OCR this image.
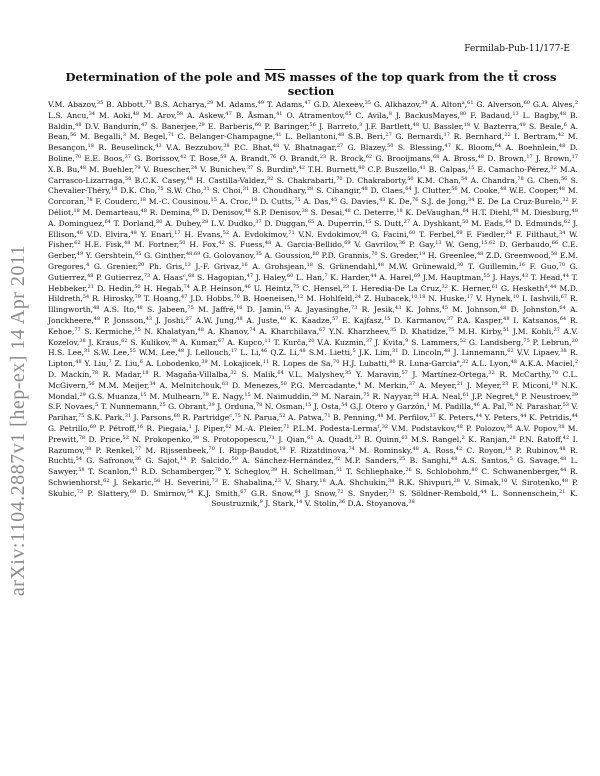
arXiv:1104.2887v1 [hep-ex] 14 Apr 2011
Fermilab-Pub-11/177-E
Determination of the pole and $\overline{MS}$ masses of the top quark from the tt̄ cross section
V.M. Abazov,$^{35}$ B. Abbott,$^{73}$ B.S. Acharya,$^{29}$ M. Adams,$^{49}$ T. Adams,$^{47}$ G.D. Alexeev,$^{35}$ G. Alkhazov,$^{39}$ A. Alton$^a$,$^{61}$ G. Alverson,$^{60}$ G.A. Alves,$^2$ L.S. Ancu,$^{34}$ M. Aoki,$^{48}$ M. Arov,$^{58}$ A. Askew,$^{47}$ B. Åsman,$^{41}$ O. Atramentov,$^{65}$ C. Avila,$^8$ J. BackusMayes,$^{80}$ F. Badaud,$^{13}$ L. Bagby,$^{48}$ B. Baldin,$^{48}$ D.V. Bandurin,$^{47}$ S. Banerjee,$^{29}$ E. Barberis,$^{60}$ P. Baringer,$^{56}$ J. Barreto,$^3$ J.F. Bartlett,$^{48}$ U. Bassler,$^{18}$ V. Bazterra,$^{49}$ S. Beale,$^6$ A. Bean,$^{56}$ M. Begalli,$^3$ M. Begel,$^{71}$ C. Belanger-Champagne,$^{41}$ L. Bellantoni,$^{48}$ S.B. Beri,$^{27}$ G. Bernardi,$^{17}$ R. Bernhard,$^{22}$ I. Bertram,$^{42}$ M. Besançon,$^{18}$ R. Beuselinck,$^{43}$ V.A. Bezzubov,$^{38}$ P.C. Bhat,$^{48}$ V. Bhatnagar,$^{27}$ G. Blazey,$^{50}$ S. Blessing,$^{47}$ K. Bloom,$^{64}$ A. Boehnlein,$^{48}$ D. Boline,$^{70}$ E.E. Boos,$^{37}$ G. Borissov,$^{42}$ T. Bose,$^{59}$ A. Brandt,$^{76}$ O. Brandt,$^{23}$ R. Brock,$^{62}$ G. Brooijmans,$^{68}$ A. Bross,$^{48}$ D. Brown,$^{17}$ J. Brown,$^{17}$ X.B. Bu,$^{48}$ M. Buehler,$^{79}$ V. Buescher,$^{24}$ V. Bunichev,$^{37}$ S. Burdin$^b$,$^{42}$ T.H. Burnett,$^{80}$ C.P. Buszello,$^{41}$ B. Calpas,$^{15}$ E. Camacho-Pérez,$^{32}$ M.A. Carrasco-Lizarraga,$^{56}$ B.C.K. Casey,$^{48}$ H. Castilla-Valdez,$^{32}$ S. Chakrabarti,$^{70}$ D. Chakraborty,$^{50}$ K.M. Chan,$^{54}$ A. Chandra,$^{78}$ G. Chen,$^{56}$ S. Chevalier-Théry,$^{18}$ D.K. Cho,$^{75}$ S.W. Cho,$^{31}$ S. Choi,$^{31}$ B. Choudhary,$^{28}$ S. Cihangir,$^{48}$ D. Claes,$^{64}$ J. Clutter,$^{56}$ M. Cooke,$^{48}$ W.E. Cooper,$^{48}$ M. Corcoran,$^{78}$ F. Couderc,$^{18}$ M.-C. Cousinou,$^{15}$ A. Croc,$^{18}$ D. Cutts,$^{75}$ A. Das,$^{45}$ G. Davies,$^{43}$ K. De,$^{76}$ S.J. de Jong,$^{34}$ E. De La Cruz-Burelo,$^{32}$ F. Déliot,$^{18}$ M. Demarteau,$^{48}$ R. Demina,$^{69}$ D. Denisov,$^{48}$ S.P. Denisov,$^{38}$ S. Desai,$^{48}$ C. Deterre,$^{18}$ K. DeVaughan,$^{64}$ H.T. Diehl,$^{48}$ M. Diesburg,$^{48}$ A. Dominguez,$^{64}$ T. Dorland,$^{80}$ A. Dubey,$^{28}$ L.V. Dudko,$^{37}$ D. Duggan,$^{65}$ A. Duperrin,$^{15}$ S. Dutt,$^{27}$ A. Dyshkant,$^{50}$ M. Eads,$^{64}$ D. Edmunds,$^{62}$ J. Ellison,$^{46}$ V.D. Elvira,$^{48}$ Y. Enari,$^{17}$ H. Evans,$^{52}$ A. Evdokimov,$^{71}$ V.N. Evdokimov,$^{38}$ G. Facini,$^{60}$ T. Ferbel,$^{69}$ F. Fiedler,$^{24}$ F. Filthaut,$^{34}$ W. Fisher,$^{62}$ H.E. Fisk,$^{48}$ M. Fortner,$^{50}$ H. Fox,$^{42}$ S. Fuess,$^{48}$ A. Garcia-Bellido,$^{69}$ V. Gavrilov,$^{36}$ P. Gay,$^{13}$ W. Geng,$^{15,62}$ D. Gerbaudo,$^{66}$ C.E. Gerber,$^{49}$ Y. Gershtein,$^{65}$ G. Ginther,$^{48,69}$ G. Golovanov,$^{35}$ A. Goussiou,$^{80}$ P.D. Grannis,$^{70}$ S. Greder,$^{19}$ H. Greenlee,$^{48}$ Z.D. Greenwood,$^{58}$ E.M. Gregores,$^4$ G. Grenier,$^{20}$ Ph. Gris,$^{13}$ J.-F. Grivaz,$^{16}$ A. Grohsjean,$^{18}$ S. Grünendahl,$^{48}$ M.W. Grünewald,$^{30}$ T. Guillemin,$^{16}$ F. Guo,$^{70}$ G. Gutierrez,$^{48}$ P. Gutierrez,$^{73}$ A. Haas$^c$,$^{68}$ S. Hagopian,$^{47}$ J. Haley,$^{60}$ L. Han,$^7$ K. Harder,$^{44}$ A. Harel,$^{69}$ J.M. Hauptman,$^{55}$ J. Hays,$^{43}$ T. Head,$^{44}$ T. Hebbeker,$^{21}$ D. Hedin,$^{50}$ H. Hegab,$^{74}$ A.P. Heinson,$^{46}$ U. Heintz,$^{75}$ C. Hensel,$^{23}$ I. Heredia-De La Cruz,$^{32}$ K. Herner,$^{61}$ G. Hesketh$^d$,$^{44}$ M.D. Hildreth,$^{54}$ R. Hirosky,$^{79}$ T. Hoang,$^{47}$ J.D. Hobbs,$^{70}$ B. Hoeneisen,$^{12}$ M. Hohlfeld,$^{24}$ Z. Hubacek,$^{10,18}$ N. Huske,$^{17}$ V. Hynek,$^{10}$ I. Iashvili,$^{67}$ R. Illingworth,$^{48}$ A.S. Ito,$^{48}$ S. Jabeen,$^{75}$ M. Jaffré,$^{16}$ D. Jamin,$^{15}$ A. Jayasinghe,$^{73}$ R. Jesik,$^{43}$ K. Johns,$^{45}$ M. Johnson,$^{48}$ D. Johnston,$^{64}$ A. Jonckheere,$^{48}$ P. Jonsson,$^{43}$ J. Joshi,$^{27}$ A.W. Jung,$^{48}$ A. Juste,$^{40}$ K. Kaadze,$^{57}$ E. Kajfasz,$^{15}$ D. Karmanov,$^{37}$ P.A. Kasper,$^{48}$ I. Katsanos,$^{64}$ R. Kehoe,$^{77}$ S. Kermiche,$^{15}$ N. Khalatyan,$^{48}$ A. Khanov,$^{74}$ A. Kharchilava,$^{67}$ Y.N. Kharzheev,$^{35}$ D. Khatidze,$^{75}$ M.H. Kirby,$^{51}$ J.M. Kohli,$^{27}$ A.V. Kozelov,$^{38}$ J. Kraus,$^{62}$ S. Kulikov,$^{38}$ A. Kumar,$^{67}$ A. Kupco,$^{11}$ T. Kurča,$^{20}$ V.A. Kuzmin,$^{37}$ J. Kvita,$^9$ S. Lammers,$^{52}$ G. Landsberg,$^{75}$ P. Lebrun,$^{20}$ H.S. Lee,$^{31}$ S.W. Lee,$^{55}$ W.M. Lee,$^{48}$ J. Lellouch,$^{17}$ L. Li,$^{46}$ Q.Z. Li,$^{48}$ S.M. Lietti,$^5$ J.K. Lim,$^{31}$ D. Lincoln,$^{48}$ J. Linnemann,$^{62}$ V.V. Lipaev,$^{38}$ R. Lipton,$^{48}$ Y. Liu,$^7$ Z. Liu,$^6$ A. Lobodenko,$^{39}$ M. Lokajicek,$^{11}$ R. Lopes de Sa,$^{70}$ H.J. Lubatti,$^{80}$ R. Luna-Garcia$^e$,$^{32}$ A.L. Lyon,$^{48}$ A.K.A. Maciel,$^2$ D. Mackin,$^{78}$ R. Madar,$^{18}$ R. Magaña-Villalba,$^{32}$ S. Malik,$^{64}$ V.L. Malyshev,$^{35}$ Y. Maravin,$^{57}$ J. Martínez-Ortega,$^{32}$ R. McCarthy,$^{70}$ C.L. McGivern,$^{56}$ M.M. Meijer,$^{34}$ A. Melnitchouk,$^{63}$ D. Menezes,$^{50}$ P.G. Mercadante,$^4$ M. Merkin,$^{37}$ A. Meyer,$^{21}$ J. Meyer,$^{23}$ F. Miconi,$^{19}$ N.K. Mondal,$^{29}$ G.S. Muanza,$^{15}$ M. Mulhearn,$^{79}$ E. Nagy,$^{15}$ M. Naimuddin,$^{28}$ M. Narain,$^{75}$ R. Nayyar,$^{28}$ H.A. Neal,$^{61}$ J.P. Negret,$^8$ P. Neustroev,$^{39}$ S.F. Novaes,$^5$ T. Nunnemann,$^{25}$ G. Obrant,$^{39}$ J. Orduna,$^{78}$ N. Osman,$^{15}$ J. Osta,$^{54}$ G.J. Otero y Garzón,$^1$ M. Padilla,$^{46}$ A. Pal,$^{76}$ N. Parashar,$^{53}$ V. Parihar,$^{75}$ S.K. Park,$^{31}$ J. Parsons,$^{68}$ R. Partridge$^c$,$^{75}$ N. Parua,$^{52}$ A. Patwa,$^{71}$ B. Penning,$^{48}$ M. Perfilov,$^{37}$ K. Peters,$^{44}$ Y. Peters,$^{44}$ K. Petridis,$^{44}$ G. Petrillo,$^{69}$ P. Pétroff,$^{16}$ R. Piegaia,$^1$ J. Piper,$^{62}$ M.-A. Pleier,$^{71}$ P.L.M. Podesta-Lerma$^f$,$^{32}$ V.M. Podstavkov,$^{48}$ P. Polozov,$^{36}$ A.V. Popov,$^{38}$ M. Prewitt,$^{78}$ D. Price,$^{52}$ N. Prokopenko,$^{38}$ S. Protopopescu,$^{71}$ J. Qian,$^{61}$ A. Quadt,$^{23}$ B. Quinn,$^{63}$ M.S. Rangel,$^2$ K. Ranjan,$^{28}$ P.N. Ratoff,$^{42}$ I. Razumov,$^{38}$ P. Renkel,$^{77}$ M. Rijssenbeek,$^{70}$ I. Ripp-Baudot,$^{19}$ F. Rizatdinova,$^{74}$ M. Rominsky,$^{48}$ A. Ross,$^{42}$ C. Royon,$^{18}$ P. Rubinov,$^{48}$ R. Ruchti,$^{54}$ G. Safronov,$^{36}$ G. Sajot,$^{14}$ P. Salcido,$^{50}$ A. Sánchez-Hernández,$^{32}$ M.P. Sanders,$^{25}$ B. Sanghi,$^{48}$ A.S. Santos,$^5$ G. Savage,$^{48}$ L. Sawyer,$^{58}$ T. Scanlon,$^{43}$ R.D. Schamberger,$^{70}$ Y. Scheglov,$^{39}$ H. Schellman,$^{51}$ T. Schliephake,$^{26}$ S. Schlobohm,$^{80}$ C. Schwanenberger,$^{44}$ R. Schwienhorst,$^{62}$ J. Sekaric,$^{56}$ H. Severini,$^{73}$ E. Shabalina,$^{23}$ V. Shary,$^{18}$ A.A. Shchukin,$^{38}$ R.K. Shivpuri,$^{28}$ V. Simak,$^{10}$ V. Sirotenko,$^{48}$ P. Skubic,$^{73}$ P. Slattery,$^{69}$ D. Smirnov,$^{54}$ K.J. Smith,$^{67}$ G.R. Snow,$^{64}$ J. Snow,$^{72}$ S. Snyder,$^{71}$ S. Söldner-Rembold,$^{44}$ L. Sonnenschein,$^{21}$ K. Soustruznik,$^9$ J. Stark,$^{14}$ V. Stolin,$^{36}$ D.A. Stoyanova,$^{38}$
